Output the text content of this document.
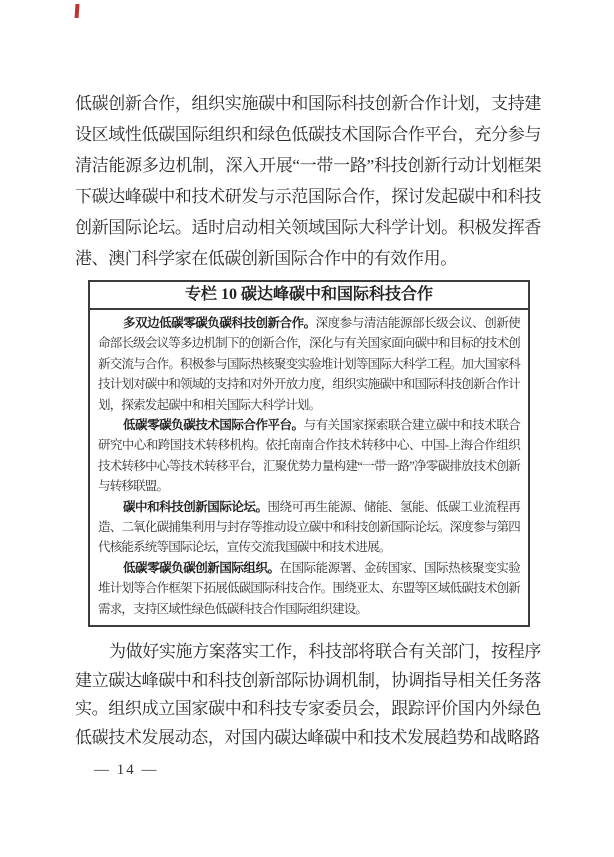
低碳创新合作，组织实施碳中和国际科技创新合作计划，支持建设区域性低碳国际组织和绿色低碳技术国际合作平台，充分参与清洁能源多边机制，深入开展“一带一路”科技创新行动计划框架下碳达峰碳中和技术研发与示范国际合作，探讨发起碳中和科技创新国际论坛。适时启动相关领域国际大科学计划。积极发挥香港、澳门科学家在低碳创新国际合作中的有效作用。
专栏 10 碳达峰碳中和国际科技合作

多双边低碳零碳负碳科技创新合作。深度参与清洁能源部长级会议、创新使命部长级会议等多边机制下的创新合作，深化与有关国家面向碳中和目标的技术创新交流与合作。积极参与国际热核聚变实验堆计划等国际大科学工程。加大国家科技计划对碳中和领域的支持和对外开放力度，组织实施碳中和国际科技创新合作计划，探索发起碳中和相关国际大科学计划。

低碳零碳负碳技术国际合作平台。与有关国家探索联合建立碳中和技术联合研究中心和跨国技术转移机构。依托南南合作技术转移中心、中国-上海合作组织技术转移中心等技术转移平台，汇聚优势力量构建“一带一路”净零碳排放技术创新与转移联盟。

碳中和科技创新国际论坛。围绕可再生能源、储能、氢能、低碳工业流程再造、二氧化碳捕集利用与封存等推动设立碳中和科技创新国际论坛。深度参与第四代核能系统等国际论坛，宣传交流我国碳中和技术进展。

低碳零碳负碳创新国际组织。在国际能源署、金砖国家、国际热核聚变实验堆计划等合作框架下拓展低碳国际科技合作。围绕亚太、东盟等区域低碳技术创新需求，支持区域性绿色低碳科技合作国际组织建设。

为做好实施方案落实工作，科技部将联合有关部门，按程序建立碳达峰碳中和科技创新部际协调机制，协调指导相关任务落实。组织成立国家碳中和科技专家委员会，跟踪评价国内外绿色低碳技术发展动态，对国内碳达峰碳中和技术发展趋势和战略路
— 14 —
